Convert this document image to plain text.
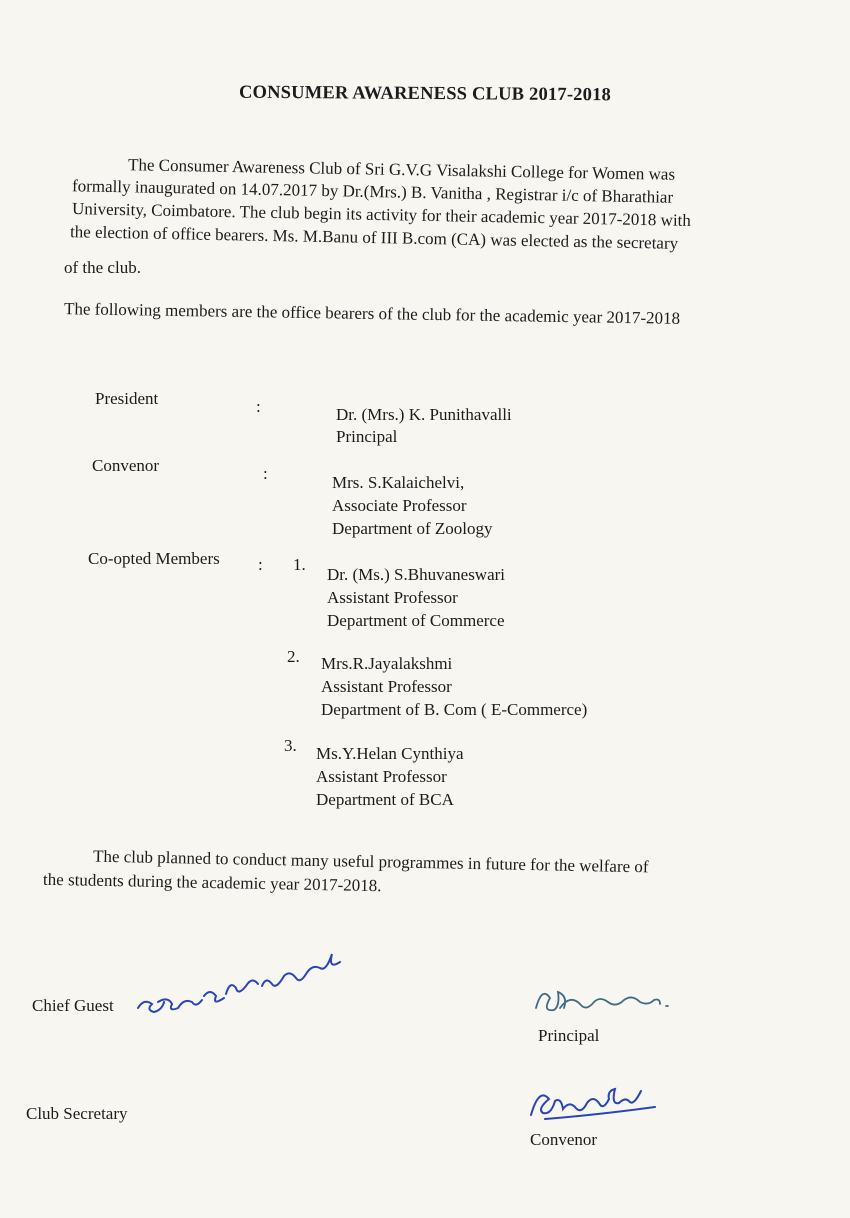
CONSUMER AWARENESS CLUB 2017-2018
The Consumer Awareness Club of Sri G.V.G Visalakshi College for Women was
formally inaugurated on 14.07.2017 by Dr.(Mrs.) B. Vanitha , Registrar i/c of Bharathiar
University, Coimbatore. The club begin its activity for their academic year 2017-2018 with
the election of office bearers. Ms. M.Banu of III B.com (CA) was elected as the secretary
of the club.
The following members are the office bearers of the club for the academic year 2017-2018
President	:	Dr. (Mrs.) K. Punithavalli
Principal
Convenor	:	Mrs. S.Kalaichelvi,
Associate Professor
Department of Zoology
Co-opted Members : 1.
Dr. (Ms.) S.Bhuvaneswari
Assistant Professor
Department of Commerce
2. Mrs.R.Jayalakshmi
Assistant Professor
Department of B. Com ( E-Commerce)
3. Ms.Y.Helan Cynthiya
Assistant Professor
Department of BCA
The club planned to conduct many useful programmes in future for the welfare of
the students during the academic year 2017-2018.
Chief Guest
Principal
Club Secretary
Convenor
